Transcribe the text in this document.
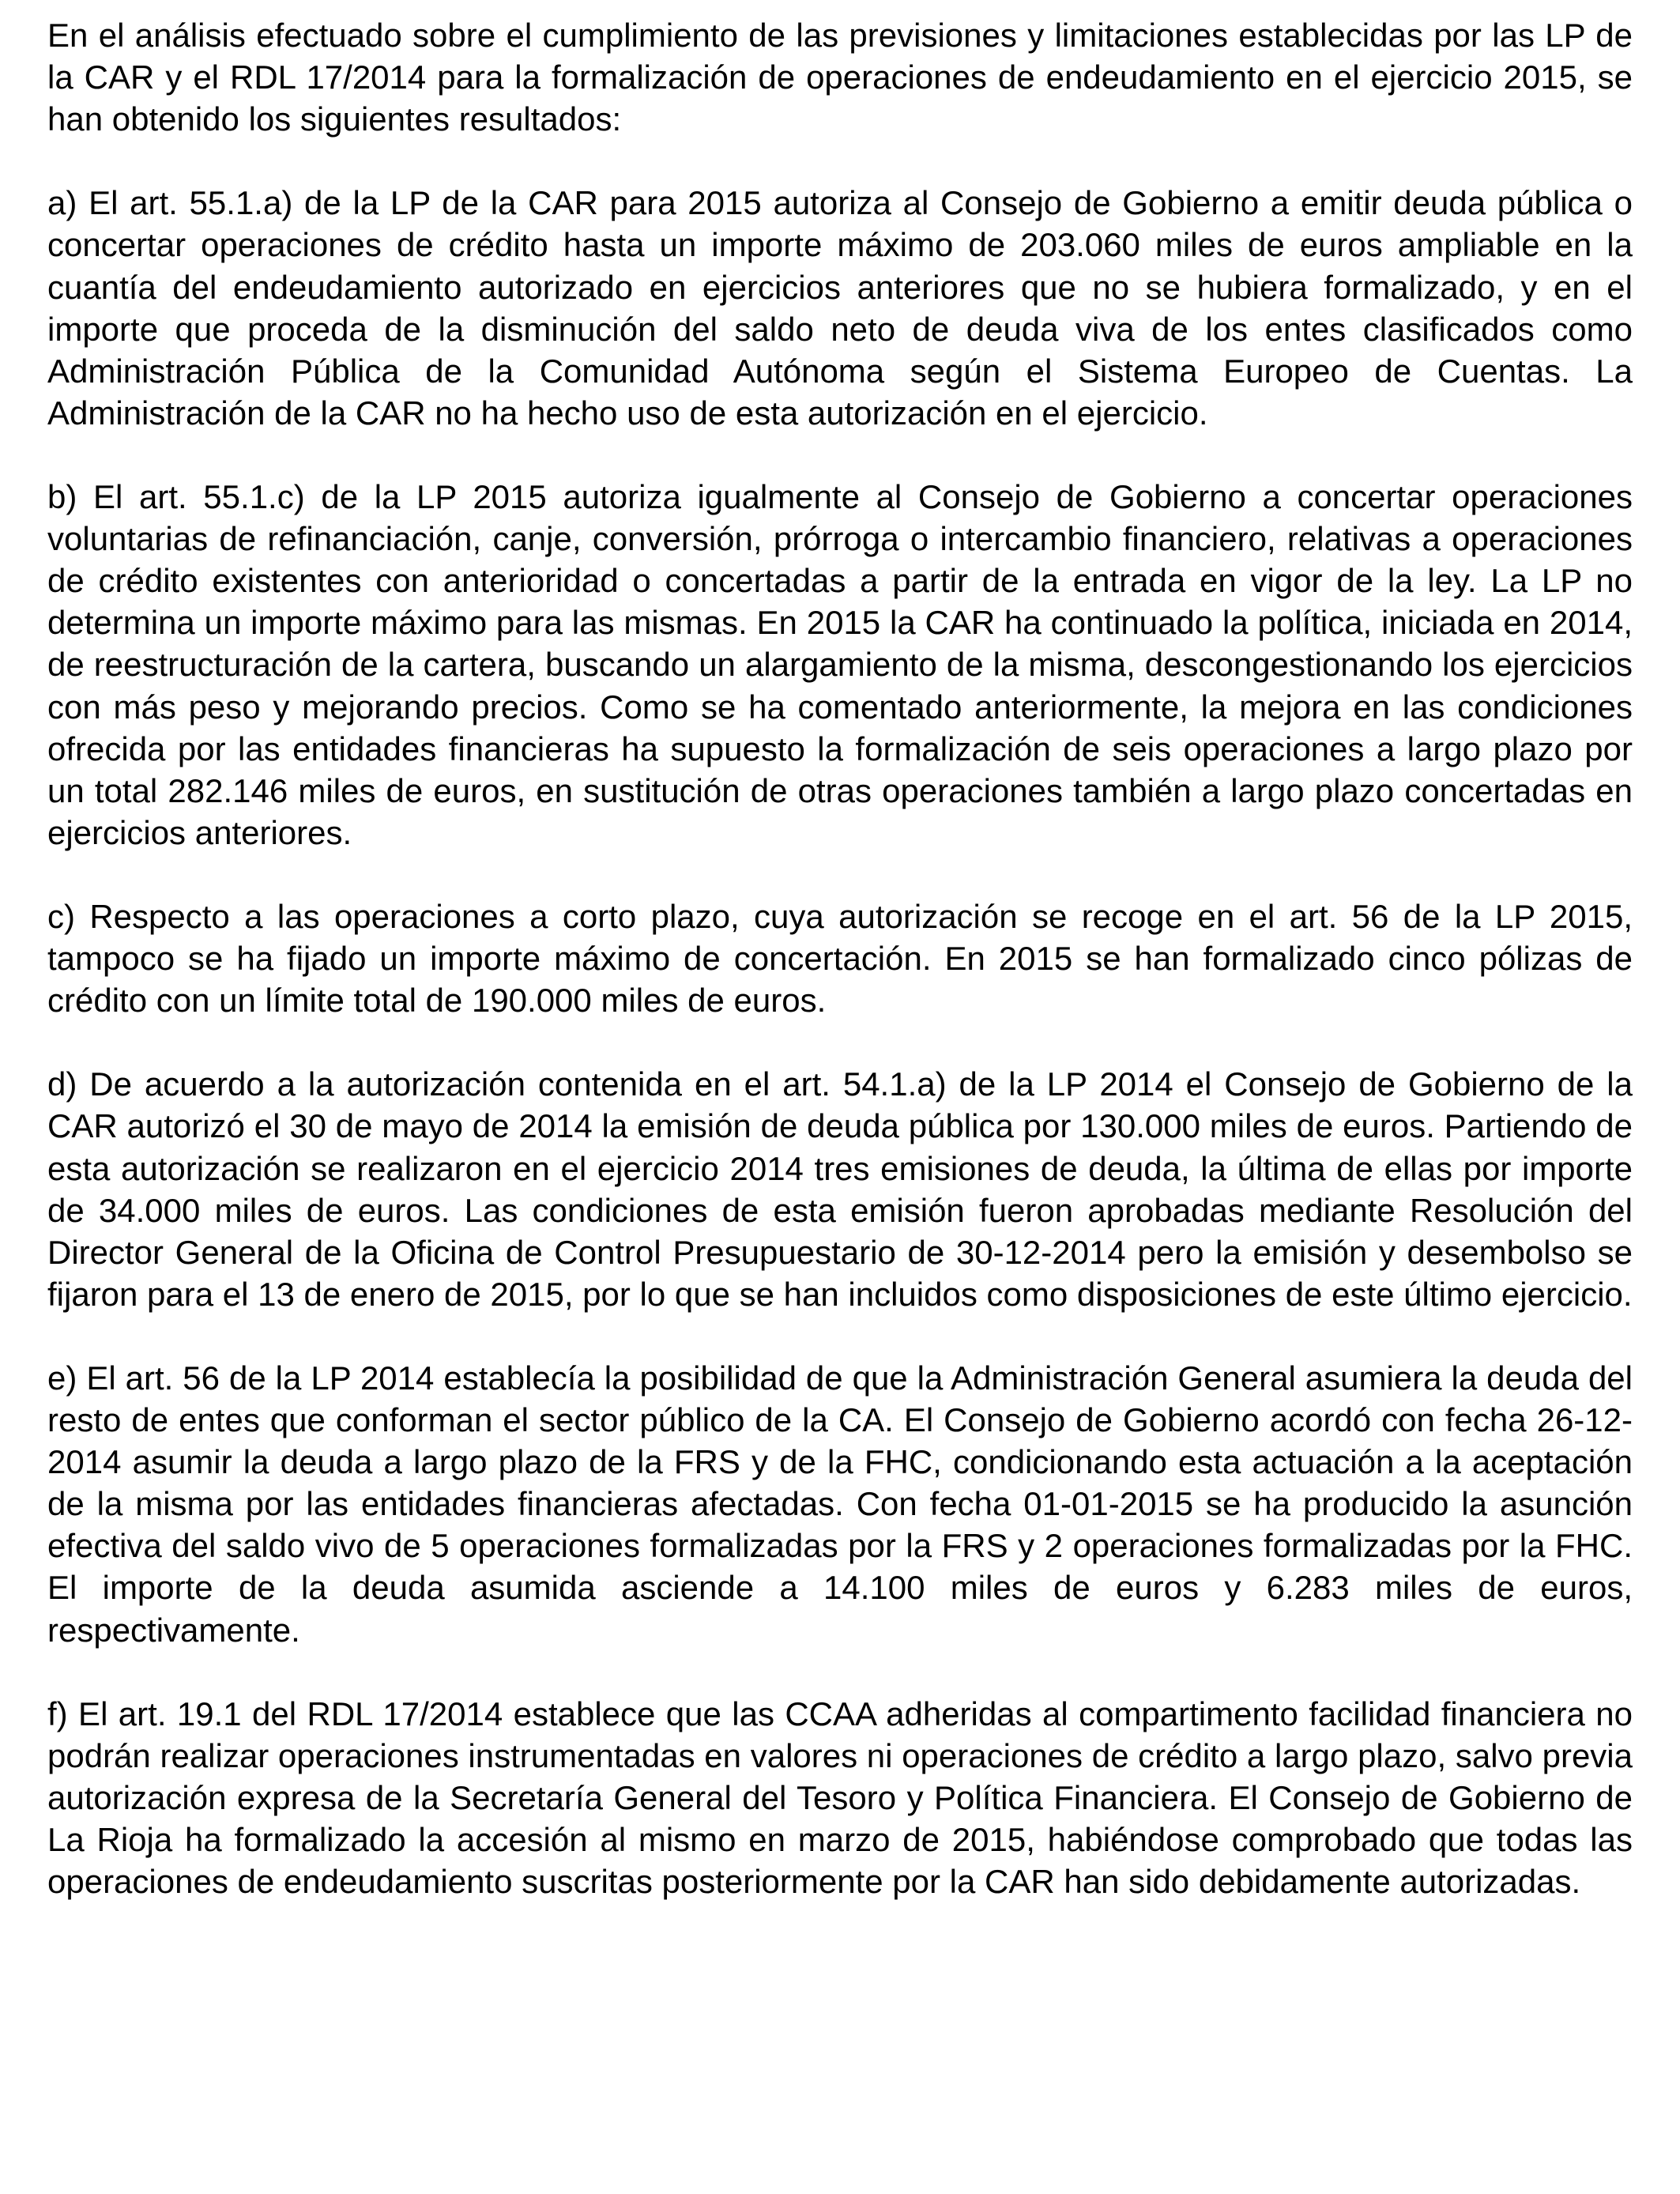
En el análisis efectuado sobre el cumplimiento de las previsiones y limitaciones establecidas por las LP de la CAR y el RDL 17/2014 para la formalización de operaciones de endeudamiento en el ejercicio 2015, se han obtenido los siguientes resultados:

a) El art. 55.1.a) de la LP de la CAR para 2015 autoriza al Consejo de Gobierno a emitir deuda pública o concertar operaciones de crédito hasta un importe máximo de 203.060 miles de euros ampliable en la cuantía del endeudamiento autorizado en ejercicios anteriores que no se hubiera formalizado, y en el importe que proceda de la disminución del saldo neto de deuda viva de los entes clasificados como Administración Pública de la Comunidad Autónoma según el Sistema Europeo de Cuentas. La Administración de la CAR no ha hecho uso de esta autorización en el ejercicio.

b) El art. 55.1.c) de la LP 2015 autoriza igualmente al Consejo de Gobierno a concertar operaciones voluntarias de refinanciación, canje, conversión, prórroga o intercambio financiero, relativas a operaciones de crédito existentes con anterioridad o concertadas a partir de la entrada en vigor de la ley. La LP no determina un importe máximo para las mismas. En 2015 la CAR ha continuado la política, iniciada en 2014, de reestructuración de la cartera, buscando un alargamiento de la misma, descongestionando los ejercicios con más peso y mejorando precios. Como se ha comentado anteriormente, la mejora en las condiciones ofrecida por las entidades financieras ha supuesto la formalización de seis operaciones a largo plazo por un total 282.146 miles de euros, en sustitución de otras operaciones también a largo plazo concertadas en ejercicios anteriores.

c) Respecto a las operaciones a corto plazo, cuya autorización se recoge en el art. 56 de la LP 2015, tampoco se ha fijado un importe máximo de concertación. En 2015 se han formalizado cinco pólizas de crédito con un límite total de 190.000 miles de euros.

d) De acuerdo a la autorización contenida en el art. 54.1.a) de la LP 2014 el Consejo de Gobierno de la CAR autorizó el 30 de mayo de 2014 la emisión de deuda pública por 130.000 miles de euros. Partiendo de esta autorización se realizaron en el ejercicio 2014 tres emisiones de deuda, la última de ellas por importe de 34.000 miles de euros. Las condiciones de esta emisión fueron aprobadas mediante Resolución del Director General de la Oficina de Control Presupuestario de 30-12-2014 pero la emisión y desembolso se fijaron para el 13 de enero de 2015, por lo que se han incluidos como disposiciones de este último ejercicio.

e) El art. 56 de la LP 2014 establecía la posibilidad de que la Administración General asumiera la deuda del resto de entes que conforman el sector público de la CA. El Consejo de Gobierno acordó con fecha 26-12-2014 asumir la deuda a largo plazo de la FRS y de la FHC, condicionando esta actuación a la aceptación de la misma por las entidades financieras afectadas. Con fecha 01-01-2015 se ha producido la asunción efectiva del saldo vivo de 5 operaciones formalizadas por la FRS y 2 operaciones formalizadas por la FHC. El importe de la deuda asumida asciende a 14.100 miles de euros y 6.283 miles de euros, respectivamente.

f) El art. 19.1 del RDL 17/2014 establece que las CCAA adheridas al compartimento facilidad financiera no podrán realizar operaciones instrumentadas en valores ni operaciones de crédito a largo plazo, salvo previa autorización expresa de la Secretaría General del Tesoro y Política Financiera. El Consejo de Gobierno de La Rioja ha formalizado la accesión al mismo en marzo de 2015, habiéndose comprobado que todas las operaciones de endeudamiento suscritas posteriormente por la CAR han sido debidamente autorizadas.
